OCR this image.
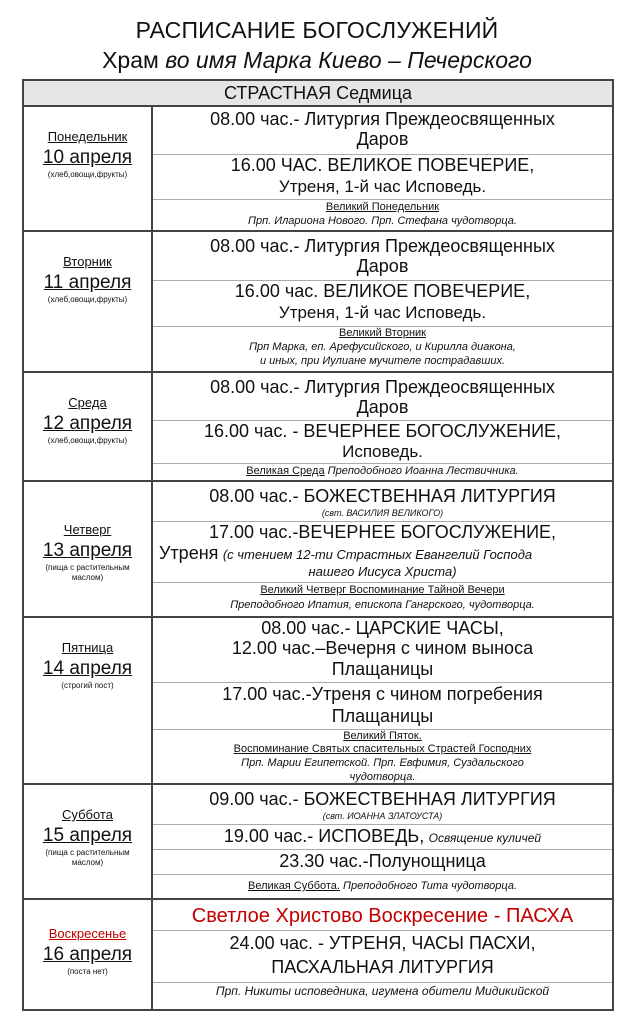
РАСПИСАНИЕ БОГОСЛУЖЕНИЙ
Храм во имя Марка Киево – Печерского
СТРАСТНАЯ Седмица
Понедельник
10 апреля
(хлеб,овощи,фрукты)
08.00 час.- Литургия Преждеосвященных
Даров
16.00 ЧАС. ВЕЛИКОЕ ПОВЕЧЕРИЕ,
Утреня, 1-й час Исповедь.
Великий Понедельник
Прп. Илариона Нового. Прп. Стефана чудотворца.
Вторник
11 апреля
(хлеб,овощи,фрукты)
08.00 час.- Литургия Преждеосвященных
Даров
16.00 час. ВЕЛИКОЕ ПОВЕЧЕРИЕ,
Утреня, 1-й час Исповедь.
Великий Вторник
Прп Марка, еп. Арефусийского, и Кирилла диакона,
и иных, при Иулиане мучителе пострадавших.
Среда
12 апреля
(хлеб,овощи,фрукты)
08.00 час.- Литургия Преждеосвященных
Даров
16.00 час. - ВЕЧЕРНЕЕ БОГОСЛУЖЕНИЕ,
Исповедь.
Великая Среда Преподобного Иоанна Лествичника.
Четверг
13 апреля
(пища с растительным
маслом)
08.00 час.- БОЖЕСТВЕННАЯ ЛИТУРГИЯ
(свт. ВАСИЛИЯ ВЕЛИКОГО)
17.00 час.-ВЕЧЕРНЕЕ БОГОСЛУЖЕНИЕ,
Утреня (с чтением 12-ти Страстных Евангелий Господа
нашего Иисуса Христа)
Великий Четверг Воспоминание Тайной Вечери
Преподобного Ипатия, епископа Гангрского, чудотворца.
Пятница
14 апреля
(строгий пост)
08.00 час.- ЦАРСКИЕ ЧАСЫ,
12.00 час.–Вечерня с чином выноса
Плащаницы
17.00 час.-Утреня с чином погребения
Плащаницы
Великий Пяток.
Воспоминание Святых спасительных Страстей Господних
Прп. Марии Египетской. Прп. Евфимия, Суздальского
чудотворца.
Суббота
15 апреля
(пища с растительным
маслом)
09.00 час.- БОЖЕСТВЕННАЯ ЛИТУРГИЯ
(свт. ИОАННА ЗЛАТОУСТА)
19.00 час.- ИСПОВЕДЬ, Освящение куличей
23.30 час.-Полунощница
Великая Суббота. Преподобного Тита чудотворца.
Воскресенье
16 апреля
(поста нет)
Светлое Христово Воскресение - ПАСХА
24.00 час. - УТРЕНЯ, ЧАСЫ ПАСХИ,
ПАСХАЛЬНАЯ ЛИТУРГИЯ
Прп. Никиты исповедника, игумена обители Мидикийской
